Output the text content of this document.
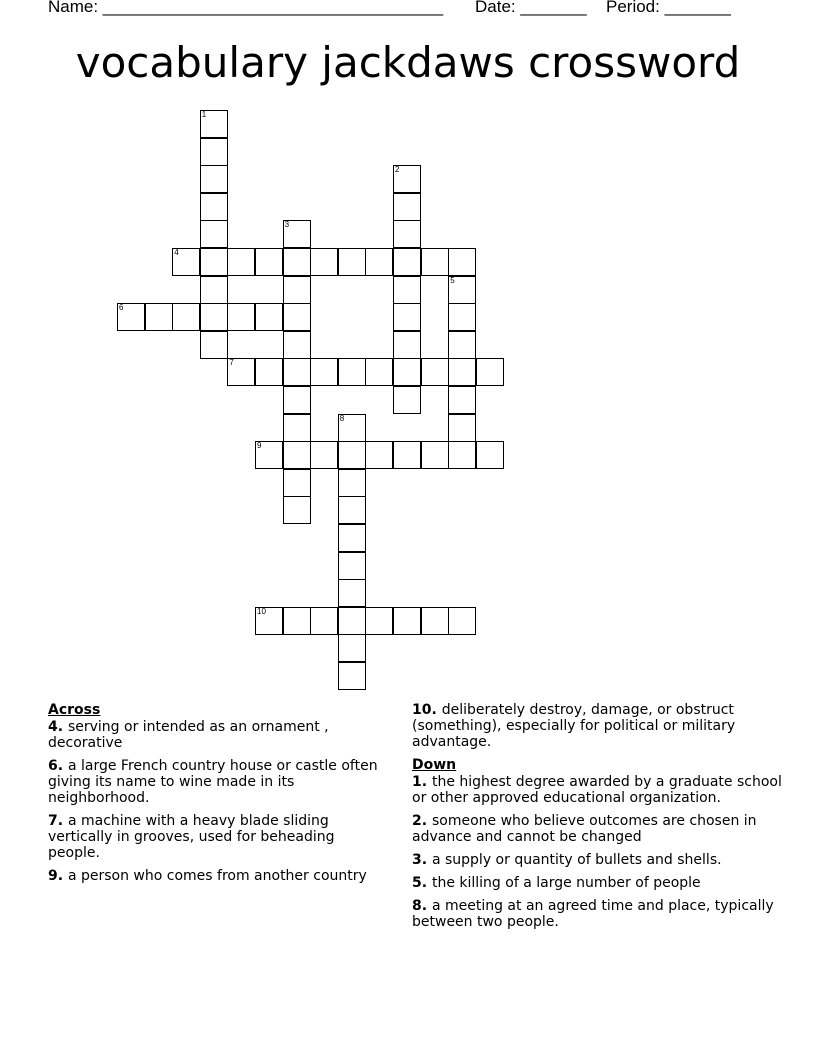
Name: ____________________________________ Date: _______ Period: _______
vocabulary jackdaws crossword
1
2
3
4
5
6
7
8
9
10
Across
4. serving or intended as an ornament , decorative
6. a large French country house or castle often giving its name to wine made in its neighborhood.
7. a machine with a heavy blade sliding vertically in grooves, used for beheading people.
9. a person who comes from another country
10. deliberately destroy, damage, or obstruct (something), especially for political or military advantage.
Down
1. the highest degree awarded by a graduate school or other approved educational organization.
2. someone who believe outcomes are chosen in advance and cannot be changed
3. a supply or quantity of bullets and shells.
5. the killing of a large number of people
8. a meeting at an agreed time and place, typically between two people.
